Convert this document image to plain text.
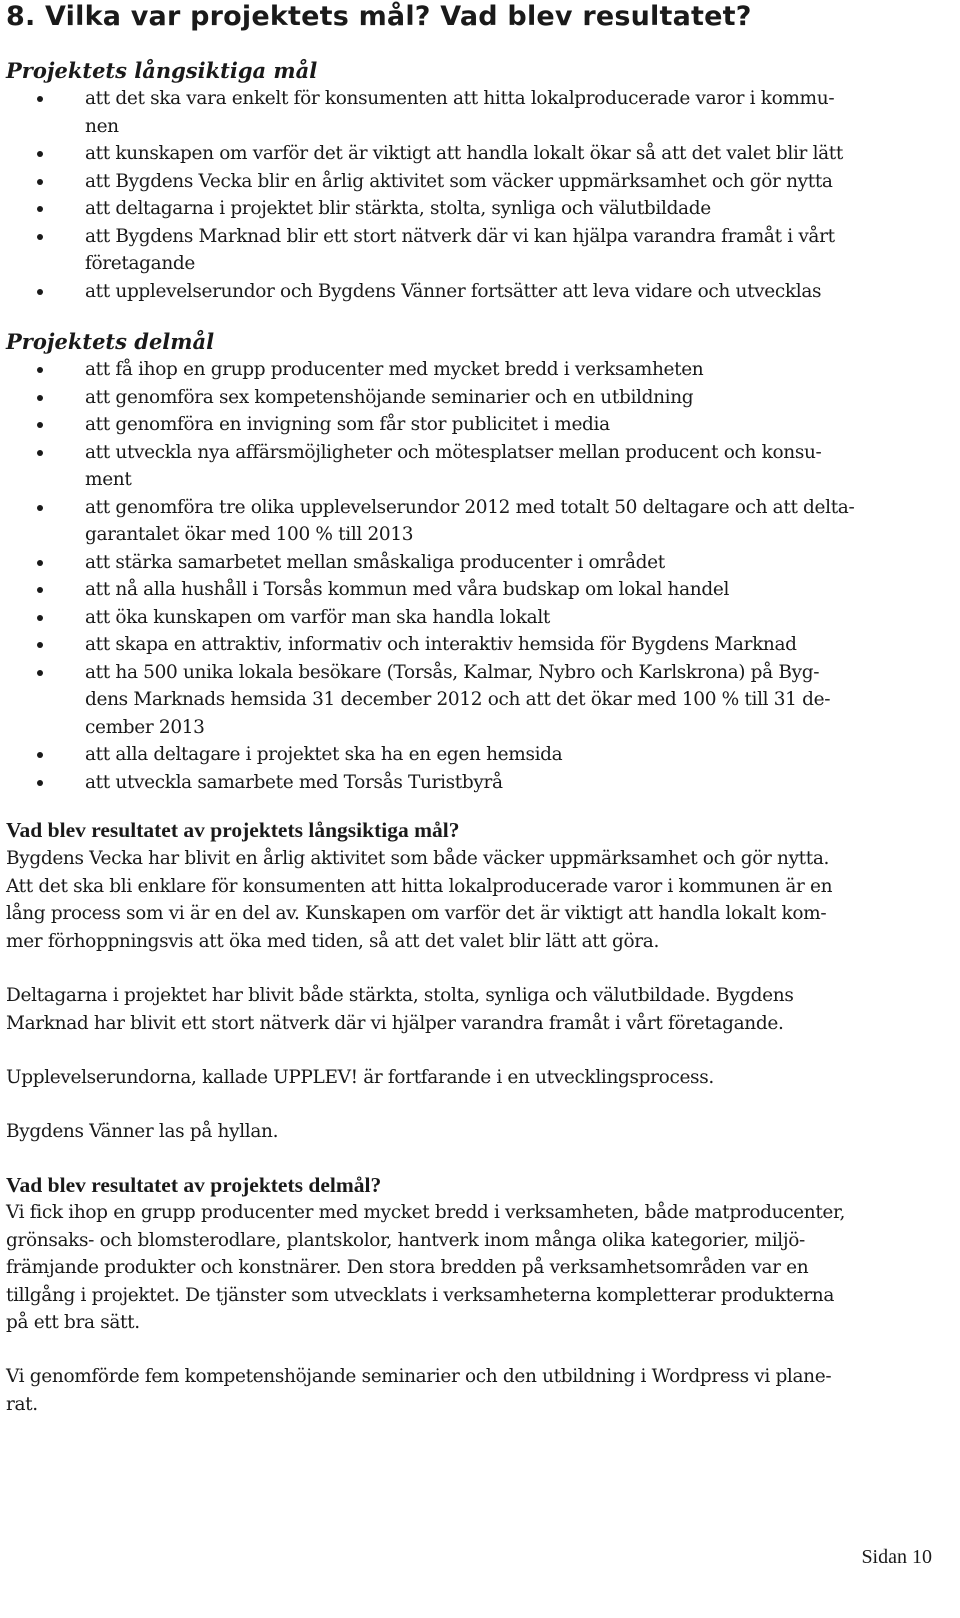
8. Vilka var projektets mål? Vad blev resultatet?
Projektets långsiktiga mål
att det ska vara enkelt för konsumenten att hitta lokalproducerade varor i kommu-
nen
att kunskapen om varför det är viktigt att handla lokalt ökar så att det valet blir lätt
att Bygdens Vecka blir en årlig aktivitet som väcker uppmärksamhet och gör nytta
att deltagarna i projektet blir stärkta, stolta, synliga och välutbildade
att Bygdens Marknad blir ett stort nätverk där vi kan hjälpa varandra framåt i vårt
företagande
att upplevelserundor och Bygdens Vänner fortsätter att leva vidare och utvecklas
Projektets delmål
att få ihop en grupp producenter med mycket bredd i verksamheten
att genomföra sex kompetenshöjande seminarier och en utbildning
att genomföra en invigning som får stor publicitet i media
att utveckla nya affärsmöjligheter och mötesplatser mellan producent och konsu-
ment
att genomföra tre olika upplevelserundor 2012 med totalt 50 deltagare och att delta-
garantalet ökar med 100 % till 2013
att stärka samarbetet mellan småskaliga producenter i området
att nå alla hushåll i Torsås kommun med våra budskap om lokal handel
att öka kunskapen om varför man ska handla lokalt
att skapa en attraktiv, informativ och interaktiv hemsida för Bygdens Marknad
att ha 500 unika lokala besökare (Torsås, Kalmar, Nybro och Karlskrona) på Byg-
dens Marknads hemsida 31 december 2012 och att det ökar med 100 % till 31 de-
cember 2013
att alla deltagare i projektet ska ha en egen hemsida
att utveckla samarbete med Torsås Turistbyrå
Vad blev resultatet av projektets långsiktiga mål?
Bygdens Vecka har blivit en årlig aktivitet som både väcker uppmärksamhet och gör nytta.
Att det ska bli enklare för konsumenten att hitta lokalproducerade varor i kommunen är en
lång process som vi är en del av. Kunskapen om varför det är viktigt att handla lokalt kom-
mer förhoppningsvis att öka med tiden, så att det valet blir lätt att göra.
Deltagarna i projektet har blivit både stärkta, stolta, synliga och välutbildade. Bygdens
Marknad har blivit ett stort nätverk där vi hjälper varandra framåt i vårt företagande.
Upplevelserundorna, kallade UPPLEV! är fortfarande i en utvecklingsprocess.
Bygdens Vänner las på hyllan.
Vad blev resultatet av projektets delmål?
Vi fick ihop en grupp producenter med mycket bredd i verksamheten, både matproducenter,
grönsaks- och blomsterodlare, plantskolor, hantverk inom många olika kategorier, miljö-
främjande produkter och konstnärer. Den stora bredden på verksamhetsområden var en
tillgång i projektet. De tjänster som utvecklats i verksamheterna kompletterar produkterna
på ett bra sätt.
Vi genomförde fem kompetenshöjande seminarier och den utbildning i Wordpress vi plane-
rat.
Sidan 10
